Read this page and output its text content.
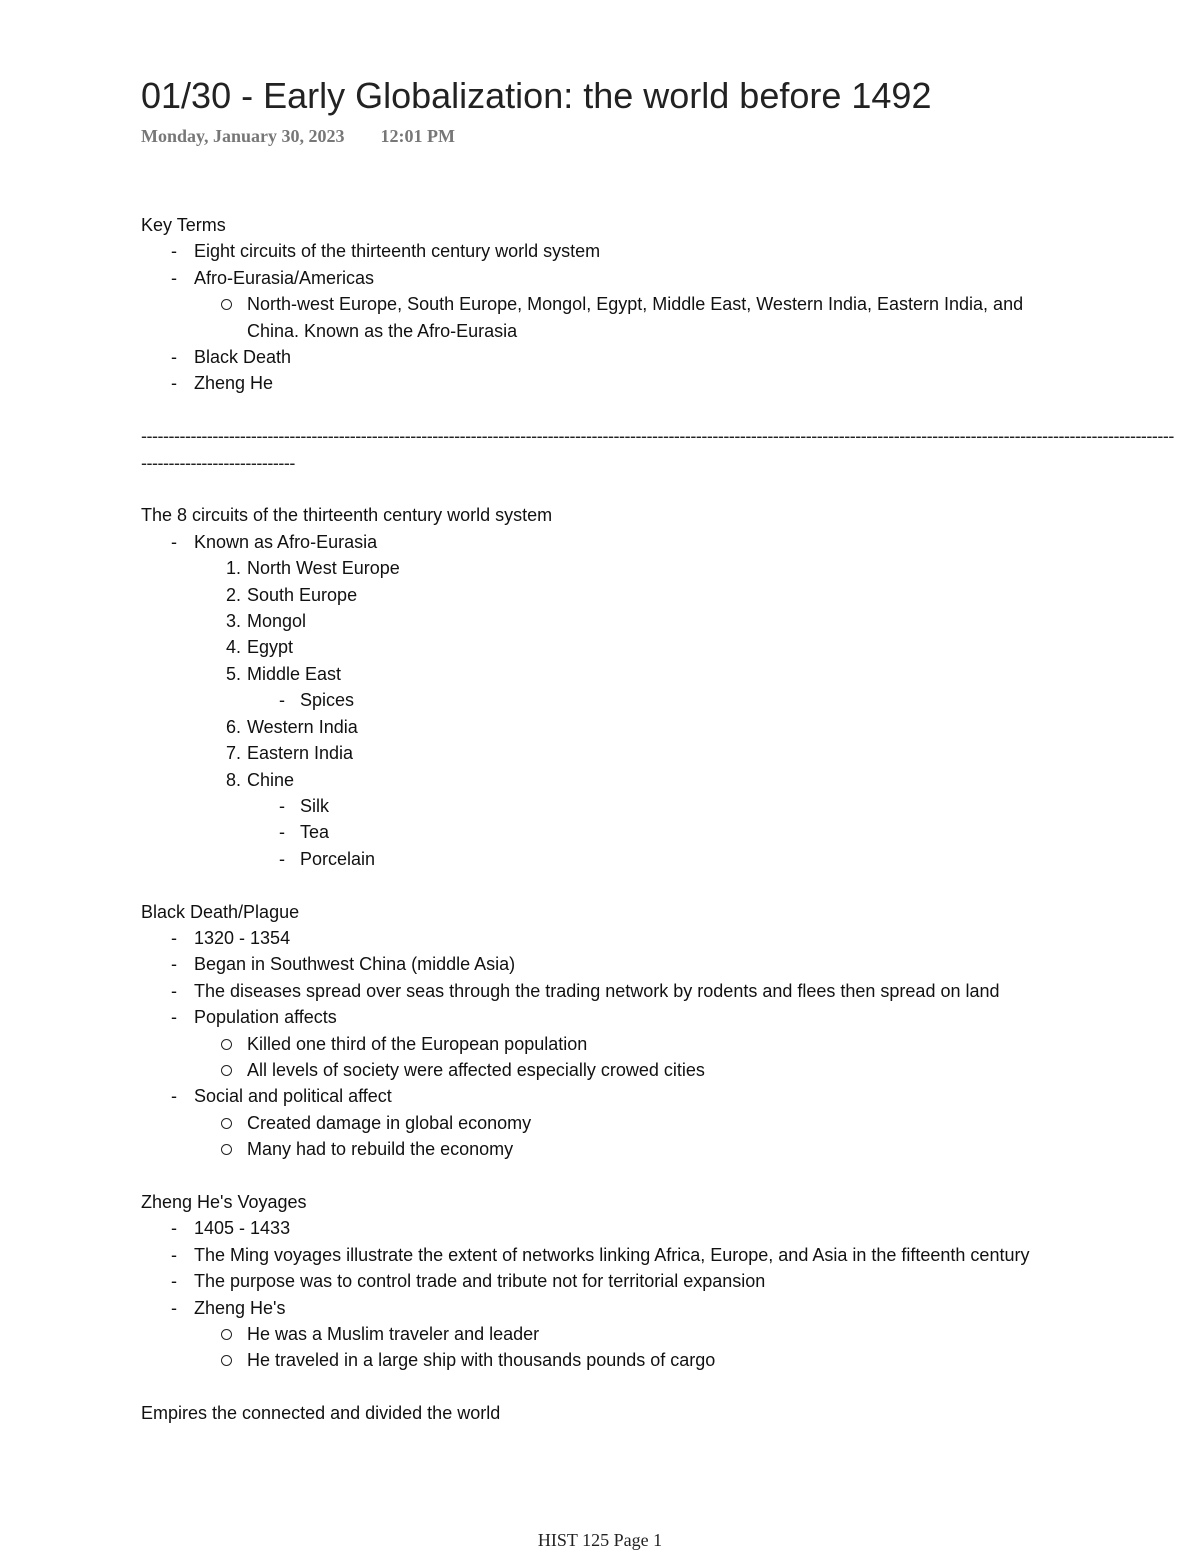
01/30 - Early Globalization: the world before 1492
Monday, January 30, 2023 12:01 PM
Key Terms
- Eight circuits of the thirteenth century world system
- Afro-Eurasia/Americas
North-west Europe, South Europe, Mongol, Egypt, Middle East, Western India, Eastern India, and China. Known as the Afro-Eurasia
- Black Death
- Zheng He
--------------------------------------------------------------------------------------------------------------------------------------------------------------------------------------------
----------------------------
The 8 circuits of the thirteenth century world system
- Known as Afro-Eurasia
1. North West Europe
2. South Europe
3. Mongol
4. Egypt
5. Middle East
- Spices
6. Western India
7. Eastern India
8. Chine
- Silk
- Tea
- Porcelain
Black Death/Plague
- 1320 - 1354
- Began in Southwest China (middle Asia)
- The diseases spread over seas through the trading network by rodents and flees then spread on land
- Population affects
Killed one third of the European population
All levels of society were affected especially crowed cities
- Social and political affect
Created damage in global economy
Many had to rebuild the economy
Zheng He's Voyages
- 1405 - 1433
- The Ming voyages illustrate the extent of networks linking Africa, Europe, and Asia in the fifteenth century
- The purpose was to control trade and tribute not for territorial expansion
- Zheng He's
He was a Muslim traveler and leader
He traveled in a large ship with thousands pounds of cargo
Empires the connected and divided the world
HIST 125 Page 1
